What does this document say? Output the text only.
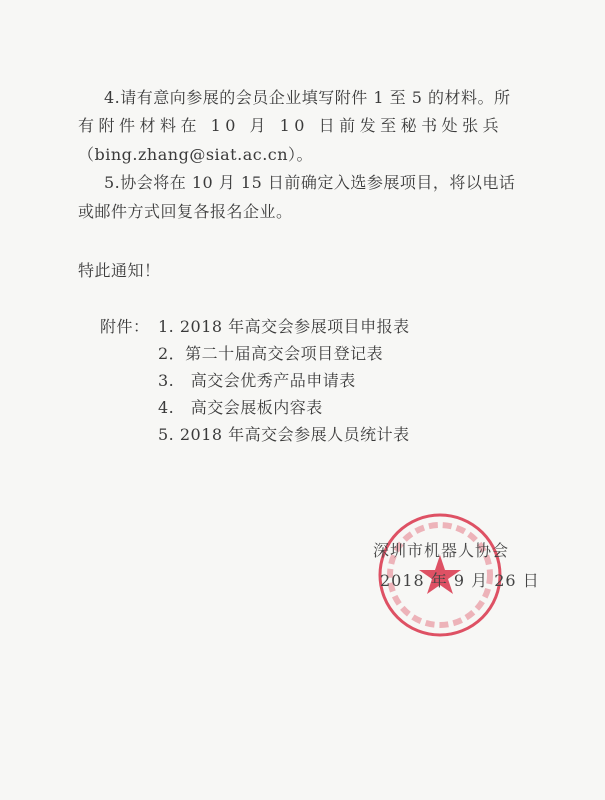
4.请有意向参展的会员企业填写附件 1 至 5 的材料。所
有附件材料在 10 月 10 日前发至秘书处张兵
（bing.zhang@siat.ac.cn）。
5.协会将在 10 月 15 日前确定入选参展项目，将以电话
或邮件方式回复各报名企业。
特此通知！
附件： 1. 2018 年高交会参展项目申报表
2．第二十届高交会项目登记表
3.　高交会优秀产品申请表
4.　高交会展板内容表
5. 2018 年高交会参展人员统计表
深圳市机器人协会
2018 年 9 月 26 日
